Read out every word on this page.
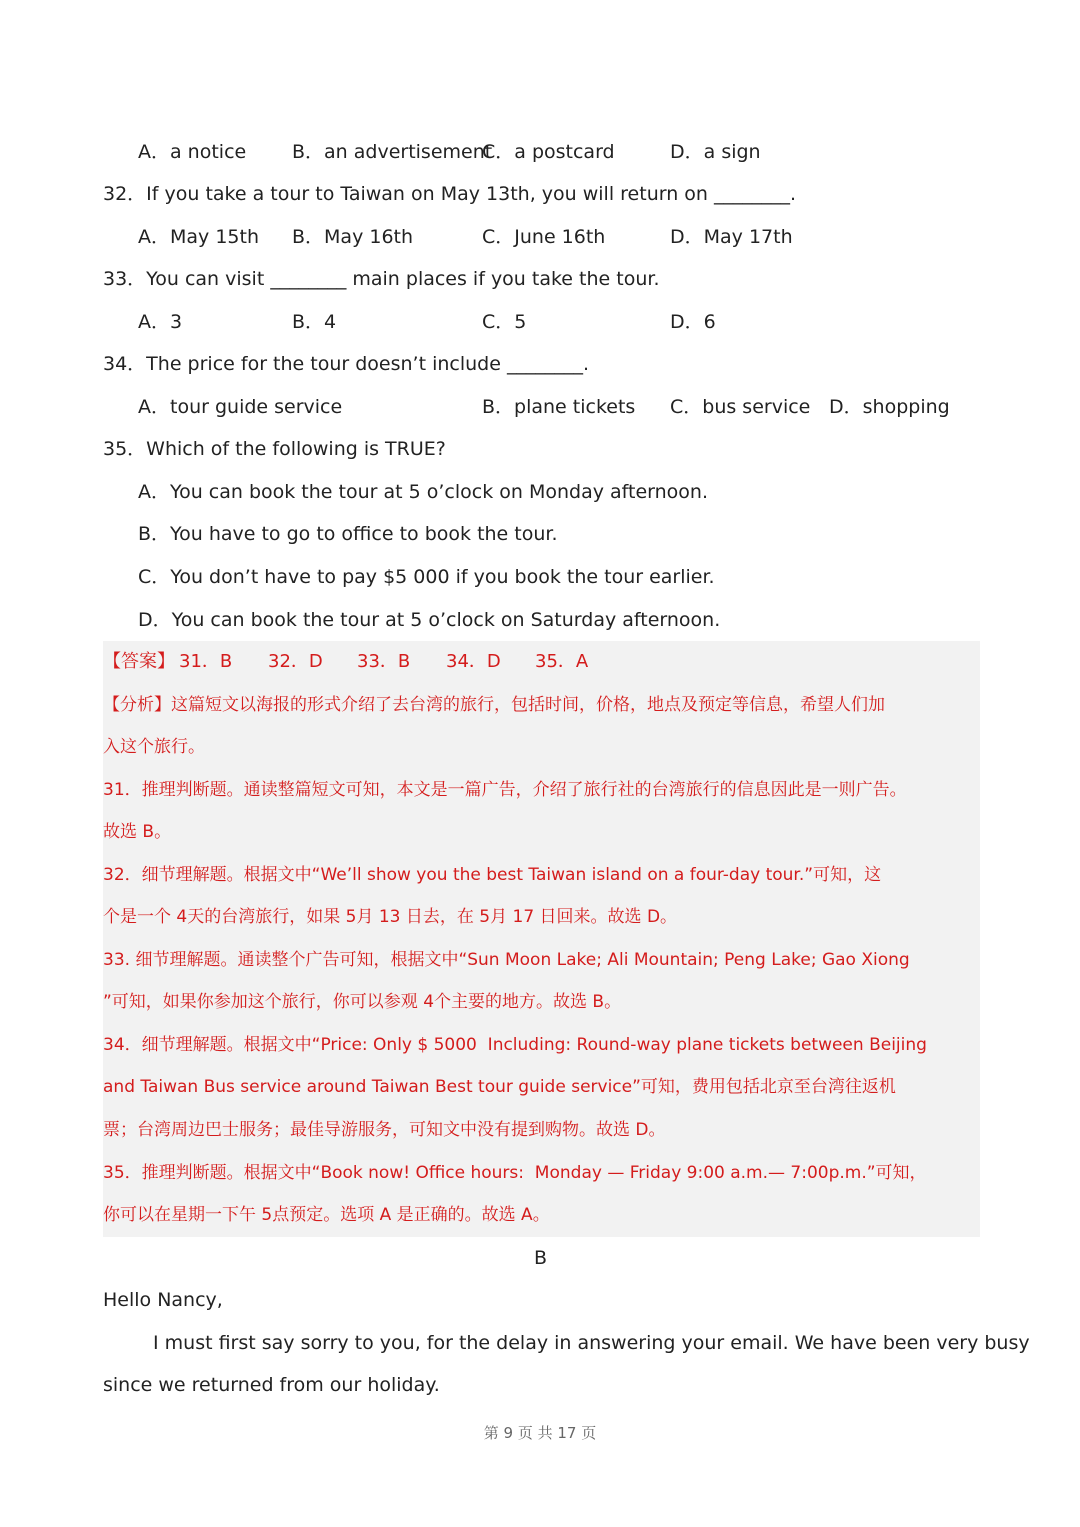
A．a notice B．an advertisement
C．a postcard	D．a sign
32．If you take a tour to Taiwan on May 13th, you will return on ________.
A．May 15th B．May 16th	C．June 16th	D．May 17th
33．You can visit ________ main places if you take the tour.
A．3	B．4	C．5	D．6
34．The price for the tour doesn’t include ________.
A．tour guide service	B．plane tickets C．bus service D．shopping
35．Which of the following is TRUE?
A．You can book the tour at 5 o’clock on Monday afternoon.
B．You have to go to office to book the tour.
C．You don’t have to pay $5 000 if you book the tour earlier.
D．You can book the tour at 5 o’clock on Saturday afternoon.
【答案】 31．B 32．D 33．B 34．D 35．A
【分析】这篇短文以海报的形式介绍了去台湾的旅行，包括时间，价格，地点及预定等信息，希望人们加
入这个旅行。
31．推理判断题。通读整篇短文可知，本文是一篇广告，介绍了旅行社的台湾旅行的信息因此是一则广告。
故选 B。
32．细节理解题。根据文中“We’ll show you the best Taiwan island on a four-day tour.”可知，这
个是一个 4天的台湾旅行，如果 5月 13 日去，在 5月 17 日回来。故选 D。
33. 细节理解题。通读整个广告可知，根据文中“Sun Moon Lake; Ali Mountain; Peng Lake; Gao Xiong
”可知，如果你参加这个旅行，你可以参观 4个主要的地方。故选 B。
34．细节理解题。根据文中“Price: Only $ 5000  Including: Round-way plane tickets between Beijing
and Taiwan Bus service around Taiwan Best tour guide service”可知，费用包括北京至台湾往返机
票；台湾周边巴士服务；最佳导游服务，可知文中没有提到购物。故选 D。
35．推理判断题。根据文中“Book now! Office hours:  Monday — Friday 9:00 a.m.— 7:00p.m.”可知，
你可以在星期一下午 5点预定。选项 A 是正确的。故选 A。
B
Hello Nancy,
I must first say sorry to you, for the delay in answering your email. We have been very busy
since we returned from our holiday.
第 9 页 共 17 页
